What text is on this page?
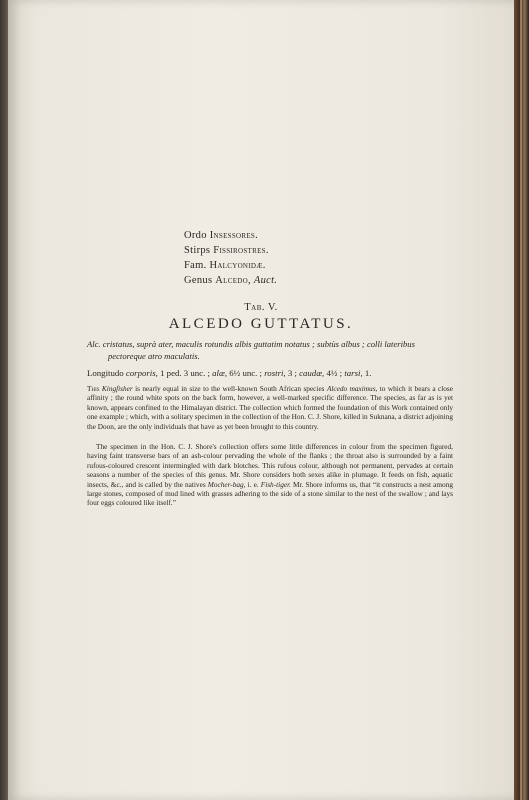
Ordo Insessores.
Stirps Fissirostres.
Fam. Halcyonidæ.
Genus Alcedo, Auct.
Tab. V.
ALCEDO GUTTATUS.
Alc. cristatus, suprà ater, maculis rotundis albis guttatim notatus ; subtùs albus ; colli lateribus
pectoreque atro maculatis.
Longitudo corporis, 1 ped. 3 unc. ; alæ, 6½ unc. ; rostri, 3 ; caudæ, 4½ ; tarsi, 1.
This Kingfisher is nearly equal in size to the well-known South African species Alcedo maximus, to which it bears a close affinity ; the round white spots on the back form, however, a well-marked specific difference. The species, as far as is yet known, appears confined to the Himalayan district. The collection which formed the foundation of this Work contained only one example ; which, with a solitary specimen in the collection of the Hon. C. J. Shore, killed in Suknana, a district adjoining the Doon, are the only individuals that have as yet been brought to this country.
The specimen in the Hon. C. J. Shore's collection offers some little differences in colour from the specimen figured, having faint transverse bars of an ash-colour pervading the whole of the flanks ; the throat also is surrounded by a faint rufous-coloured crescent intermingled with dark blotches. This rufous colour, although not permanent, pervades at certain seasons a number of the species of this genus. Mr. Shore considers both sexes alike in plumage. It feeds on fish, aquatic insects, &c., and is called by the natives Mocher-bag, i. e. Fish-tiger. Mr. Shore informs us, that “it constructs a nest among large stones, composed of mud lined with grasses adhering to the side of a stone similar to the nest of the swallow ; and lays four eggs coloured like itself.”
